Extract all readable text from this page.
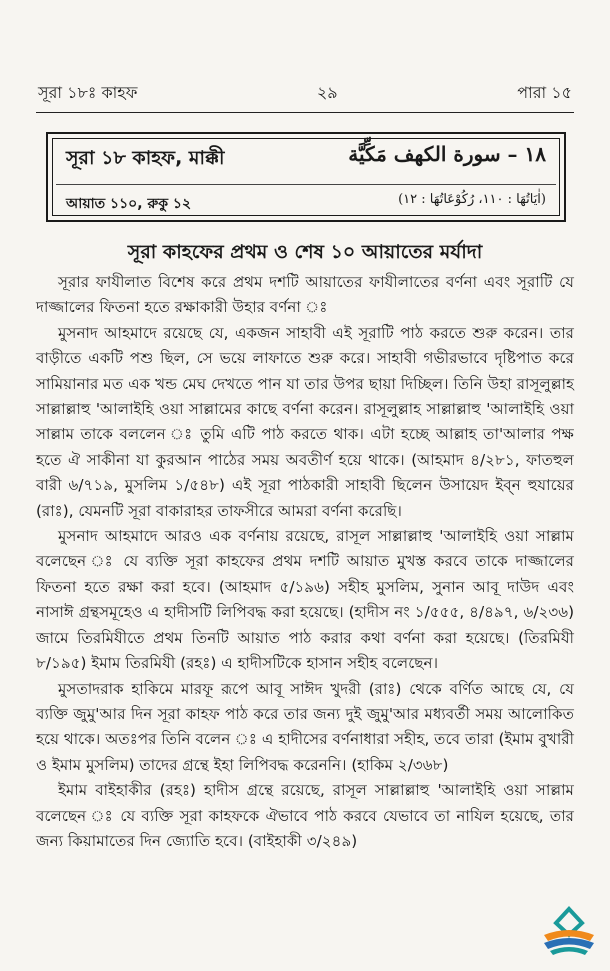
সূরা ১৮ঃ কাহফ	২৯	পারা ১৫
সূরা ১৮ কাহফ, মাক্কী	١٨ – سورة الكهف مَكِّيَّة
আয়াত ১১০, রুকু ১২	(اٰيَاتُهَا : ١١٠، رُكُوْعَاتُهَا : ١٢)
সূরা কাহফের প্রথম ও শেষ ১০ আয়াতের মর্যাদা

সূরার ফাযীলাত বিশেষ করে প্রথম দশটি আয়াতের ফাযীলাতের বর্ণনা এবং সূরাটি যে দাজ্জালের ফিতনা হতে রক্ষাকারী উহার বর্ণনা ঃ

মুসনাদ আহমাদে রয়েছে যে, একজন সাহাবী এই সূরাটি পাঠ করতে শুরু করেন। তার বাড়ীতে একটি পশু ছিল, সে ভয়ে লাফাতে শুরু করে। সাহাবী গভীরভাবে দৃষ্টিপাত করে সামিয়ানার মত এক খন্ড মেঘ দেখতে পান যা তার উপর ছায়া দিচ্ছিল। তিনি উহা রাসূলুল্লাহ সাল্লাল্লাহু 'আলাইহি ওয়া সাল্লামের কাছে বর্ণনা করেন। রাসূলুল্লাহ সাল্লাল্লাহু 'আলাইহি ওয়া সাল্লাম তাকে বললেন ঃ তুমি এটি পাঠ করতে থাক। এটা হচ্ছে আল্লাহ তা'আলার পক্ষ হতে ঐ সাকীনা যা কুরআন পাঠের সময় অবতীর্ণ হয়ে থাকে। (আহমাদ ৪/২৮১, ফাতহুল বারী ৬/৭১৯, মুসলিম ১/৫৪৮) এই সূরা পাঠকারী সাহাবী ছিলেন উসায়েদ ইব্ন হুযায়ের (রাঃ), যেমনটি সূরা বাকারাহর তাফসীরে আমরা বর্ণনা করেছি।

মুসনাদ আহমাদে আরও এক বর্ণনায় রয়েছে, রাসূল সাল্লাল্লাহু 'আলাইহি ওয়া সাল্লাম বলেছেন ঃ যে ব্যক্তি সূরা কাহফের প্রথম দশটি আয়াত মুখস্ত করবে তাকে দাজ্জালের ফিতনা হতে রক্ষা করা হবে। (আহমাদ ৫/১৯৬) সহীহ মুসলিম, সুনান আবূ দাউদ এবং নাসাঈ গ্রন্থসমূহেও এ হাদীসটি লিপিবদ্ধ করা হয়েছে। (হাদীস নং ১/৫৫৫, ৪/৪৯৭, ৬/২৩৬) জামে তিরমিযীতে প্রথম তিনটি আয়াত পাঠ করার কথা বর্ণনা করা হয়েছে। (তিরমিযী ৮/১৯৫) ইমাম তিরমিযী (রহঃ) এ হাদীসটিকে হাসান সহীহ বলেছেন।

মুসতাদরাক হাকিমে মারফূ রূপে আবূ সাঈদ খুদরী (রাঃ) থেকে বর্ণিত আছে যে, যে ব্যক্তি জুমু'আর দিন সূরা কাহফ পাঠ করে তার জন্য দুই জুমু'আর মধ্যবর্তী সময় আলোকিত হয়ে থাকে। অতঃপর তিনি বলেন ঃ এ হাদীসের বর্ণনাধারা সহীহ, তবে তারা (ইমাম বুখারী ও ইমাম মুসলিম) তাদের গ্রন্থে ইহা লিপিবদ্ধ করেননি। (হাকিম ২/৩৬৮)

ইমাম বাইহাকীর (রহঃ) হাদীস গ্রন্থে রয়েছে, রাসূল সাল্লাল্লাহু 'আলাইহি ওয়া সাল্লাম বলেছেন ঃ যে ব্যক্তি সূরা কাহফকে ঐভাবে পাঠ করবে যেভাবে তা নাযিল হয়েছে, তার জন্য কিয়ামাতের দিন জ্যোতি হবে। (বাইহাকী ৩/২৪৯)
